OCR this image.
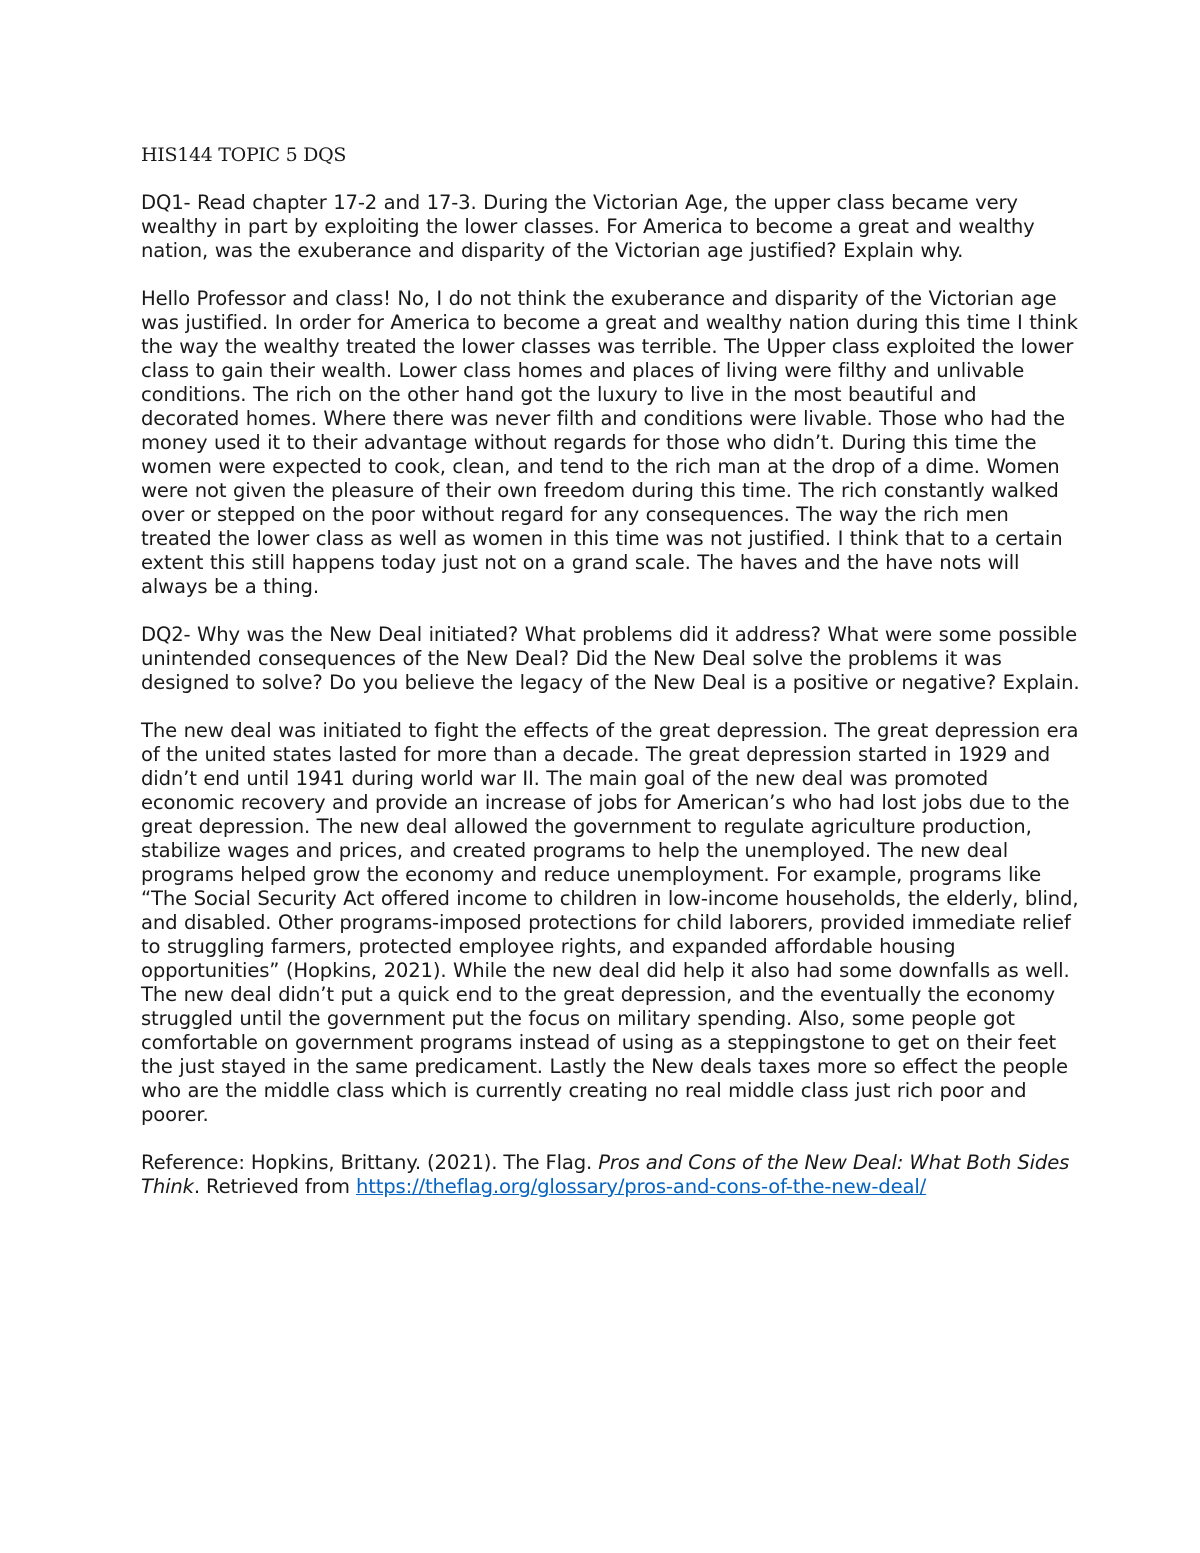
HIS144 TOPIC 5 DQS

DQ1- Read chapter 17-2 and 17-3. During the Victorian Age, the upper class became very wealthy in part by exploiting the lower classes. For America to become a great and wealthy nation, was the exuberance and disparity of the Victorian age justified? Explain why.

Hello Professor and class! No, I do not think the exuberance and disparity of the Victorian age was justified. In order for America to become a great and wealthy nation during this time I think the way the wealthy treated the lower classes was terrible. The Upper class exploited the lower class to gain their wealth. Lower class homes and places of living were filthy and unlivable conditions. The rich on the other hand got the luxury to live in the most beautiful and decorated homes. Where there was never filth and conditions were livable. Those who had the money used it to their advantage without regards for those who didn’t. During this time the women were expected to cook, clean, and tend to the rich man at the drop of a dime. Women were not given the pleasure of their own freedom during this time. The rich constantly walked over or stepped on the poor without regard for any consequences. The way the rich men treated the lower class as well as women in this time was not justified. I think that to a certain extent this still happens today just not on a grand scale. The haves and the have nots will always be a thing.

DQ2- Why was the New Deal initiated? What problems did it address? What were some possible unintended consequences of the New Deal? Did the New Deal solve the problems it was designed to solve? Do you believe the legacy of the New Deal is a positive or negative? Explain.

The new deal was initiated to fight the effects of the great depression. The great depression era of the united states lasted for more than a decade. The great depression started in 1929 and didn’t end until 1941 during world war II. The main goal of the new deal was promoted economic recovery and provide an increase of jobs for American’s who had lost jobs due to the great depression. The new deal allowed the government to regulate agriculture production, stabilize wages and prices, and created programs to help the unemployed. The new deal programs helped grow the economy and reduce unemployment. For example, programs like “The Social Security Act offered income to children in low-income households, the elderly, blind, and disabled. Other programs-imposed protections for child laborers, provided immediate relief to struggling farmers, protected employee rights, and expanded affordable housing opportunities” (Hopkins, 2021). While the new deal did help it also had some downfalls as well. The new deal didn’t put a quick end to the great depression, and the eventually the economy struggled until the government put the focus on military spending. Also, some people got comfortable on government programs instead of using as a steppingstone to get on their feet the just stayed in the same predicament. Lastly the New deals taxes more so effect the people who are the middle class which is currently creating no real middle class just rich poor and poorer.

Reference: Hopkins, Brittany. (2021). The Flag. Pros and Cons of the New Deal: What Both Sides Think. Retrieved from https://theflag.org/glossary/pros-and-cons-of-the-new-deal/
